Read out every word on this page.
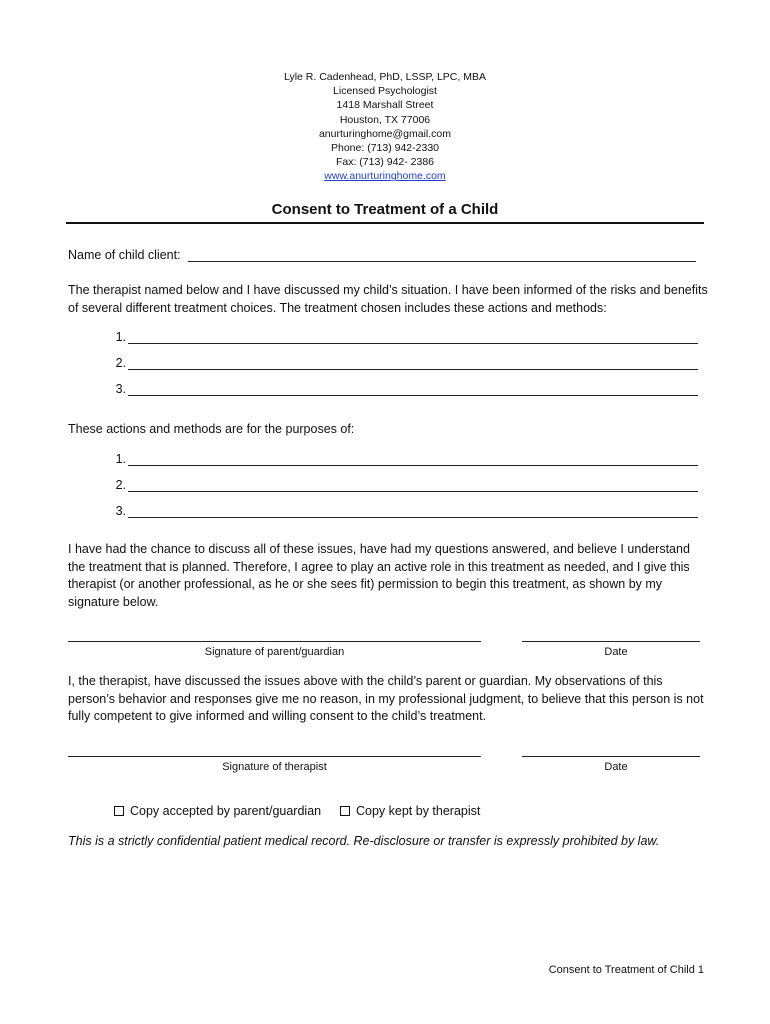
Lyle R. Cadenhead, PhD, LSSP, LPC, MBA
Licensed Psychologist
1418 Marshall Street
Houston, TX 77006
anurturinghome@gmail.com
Phone: (713) 942-2330
Fax: (713) 942- 2386
www.anurturinghome.com
Consent to Treatment of a Child
Name of child client:
The therapist named below and I have discussed my child’s situation. I have been informed of the risks and benefits of several different treatment choices. The treatment chosen includes these actions and methods:
1.
2.
3.
These actions and methods are for the purposes of:
1.
2.
3.
I have had the chance to discuss all of these issues, have had my questions answered, and believe I understand the treatment that is planned. Therefore, I agree to play an active role in this treatment as needed, and I give this therapist (or another professional, as he or she sees fit) permission to begin this treatment, as shown by my signature below.
Signature of parent/guardian	Date
I, the therapist, have discussed the issues above with the child’s parent or guardian. My observations of this person’s behavior and responses give me no reason, in my professional judgment, to believe that this person is not fully competent to give informed and willing consent to the child’s treatment.
Signature of therapist	Date
Copy accepted by parent/guardian	Copy kept by therapist
This is a strictly confidential patient medical record. Re-disclosure or transfer is expressly prohibited by law.
Consent to Treatment of Child 1
